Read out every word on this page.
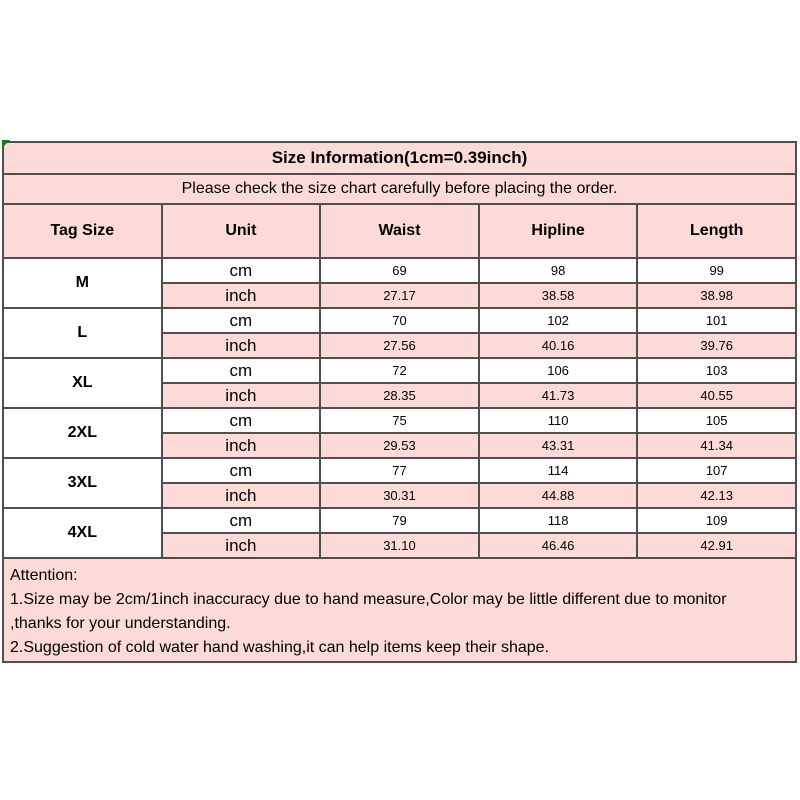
Size Information(1cm=0.39inch)				
Please check the size chart carefully before placing the order.				
Tag Size	Unit	Waist	Hipline	Length
M	cm	69	98	99
	inch	27.17	38.58	38.98
L	cm	70	102	101
	inch	27.56	40.16	39.76
XL	cm	72	106	103
	inch	28.35	41.73	40.55
2XL	cm	75	110	105
	inch	29.53	43.31	41.34
3XL	cm	77	114	107
	inch	30.31	44.88	42.13
4XL	cm	79	118	109
	inch	31.10	46.46	42.91

Attention:
1.Size may be 2cm/1inch inaccuracy due to hand measure,Color may be little different due to monitor
,thanks for your understanding.
2.Suggestion of cold water hand washing,it can help items keep their shape.				
